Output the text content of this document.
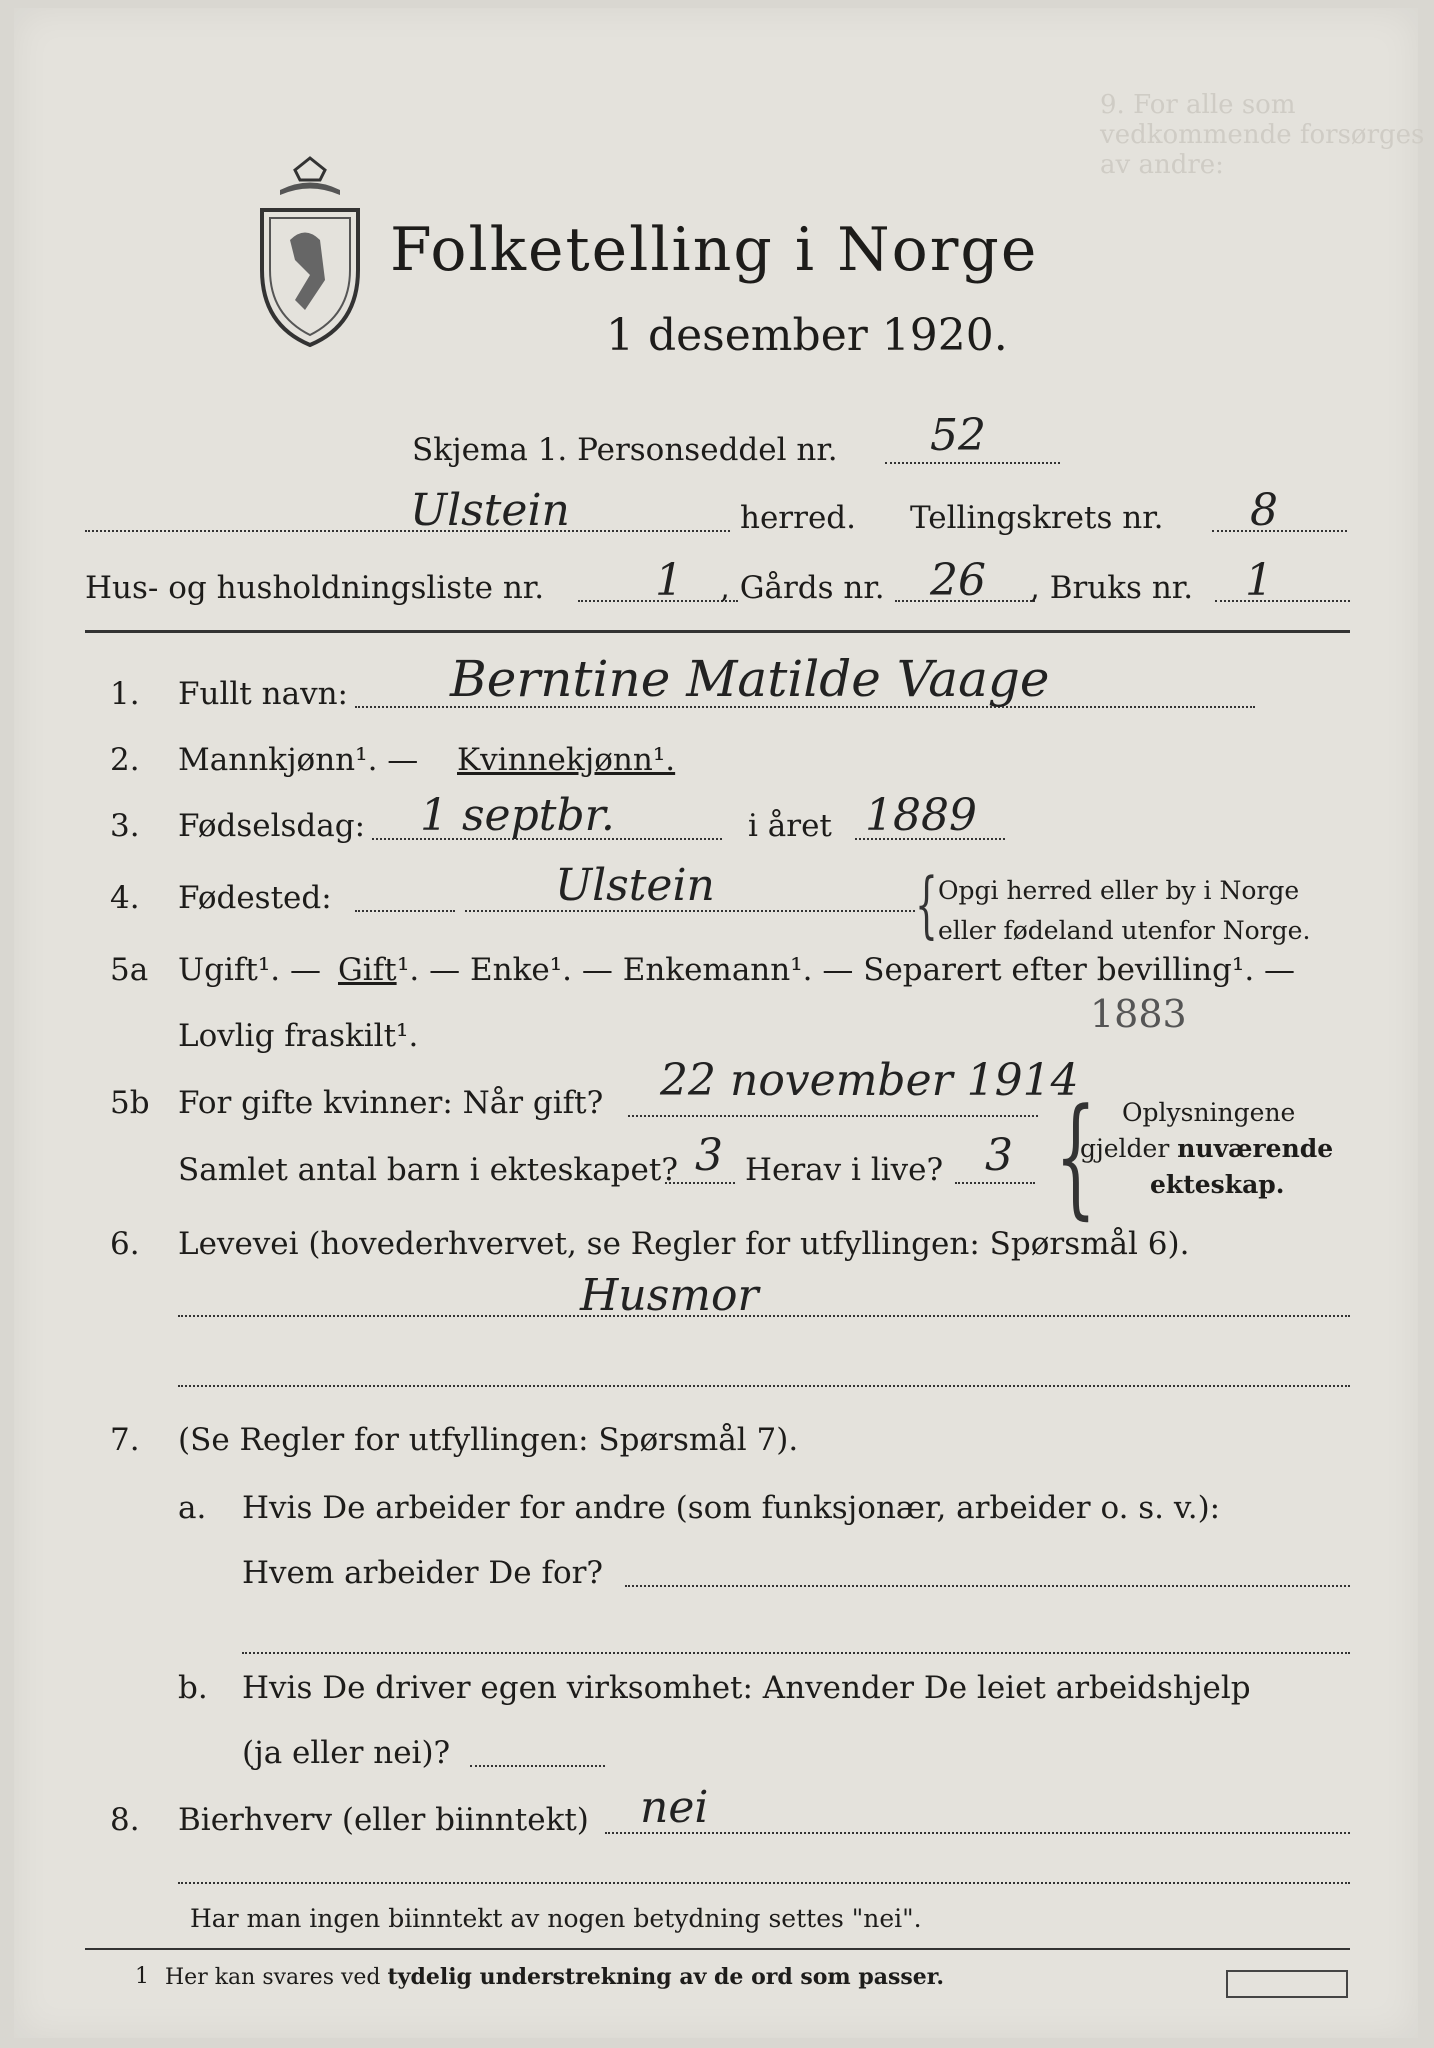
9. For alle som vedkommende forsørges av andre:
Folketelling i Norge
1 desember 1920.
Skjema 1. Personseddel nr. 52
Ulstein	herred. Tellingskrets nr. 8
Hus- og husholdningsliste nr.	1 , Gårds nr. 26 , Bruks nr. 1
1. Fullt navn: Berntine Matilde Vaage
2. Mannkjønn¹. — Kvinnekjønn¹.
3. Fødselsdag: 1 septbr.	i året 1889
4. Fødested:	Ulstein	{ Opgi herred eller by i Norge
eller fødeland utenfor Norge.
5a Ugift¹. — Gift ¹. — Enke¹. — Enkemann¹. — Separert efter bevilling¹. —
Lovlig fraskilt¹.	1883
5b For gifte kvinner: Når gift? 22 november 1914
Samlet antal barn i ekteskapet? 3 Herav i live? 3 { Oplysningene
gjelder nuværende
ekteskap.
6. Levevei (hovederhvervet, se Regler for utfyllingen: Spørsmål 6).
Husmor
7. (Se Regler for utfyllingen: Spørsmål 7).
a. Hvis De arbeider for andre (som funksjonær, arbeider o. s. v.):
Hvem arbeider De for?
b. Hvis De driver egen virksomhet: Anvender De leiet arbeidshjelp
(ja eller nei)?
8. Bierhverv (eller biinntekt) nei
Har man ingen biinntekt av nogen betydning settes "nei".
1 Her kan svares ved tydelig understrekning av de ord som passer.
